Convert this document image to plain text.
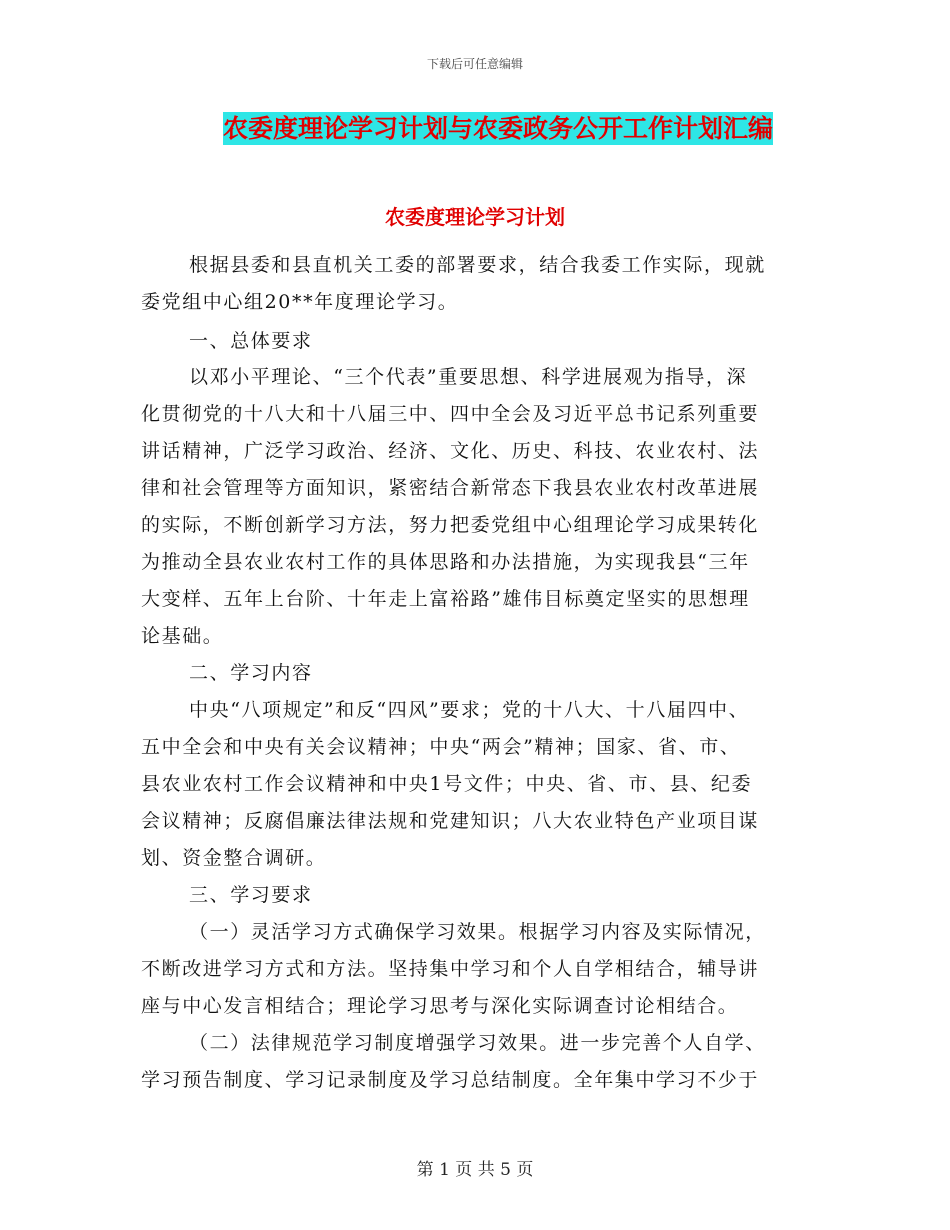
下载后可任意编辑
农委度理论学习计划与农委政务公开工作计划汇编
农委度理论学习计划
根据县委和县直机关工委的部署要求，结合我委工作实际，现就
委党组中心组20**年度理论学习。
一、总体要求
以邓小平理论、“三个代表”重要思想、科学进展观为指导，深
化贯彻党的十八大和十八届三中、四中全会及习近平总书记系列重要
讲话精神，广泛学习政治、经济、文化、历史、科技、农业农村、法
律和社会管理等方面知识，紧密结合新常态下我县农业农村改革进展
的实际，不断创新学习方法，努力把委党组中心组理论学习成果转化
为推动全县农业农村工作的具体思路和办法措施，为实现我县“三年
大变样、五年上台阶、十年走上富裕路”雄伟目标奠定坚实的思想理
论基础。
二、学习内容
中央“八项规定”和反“四风”要求；党的十八大、十八届四中、
五中全会和中央有关会议精神；中央“两会”精神；国家、省、市、
县农业农村工作会议精神和中央1号文件；中央、省、市、县、纪委
会议精神；反腐倡廉法律法规和党建知识；八大农业特色产业项目谋
划、资金整合调研。
三、学习要求
（一）灵活学习方式确保学习效果。根据学习内容及实际情况，
不断改进学习方式和方法。坚持集中学习和个人自学相结合，辅导讲
座与中心发言相结合；理论学习思考与深化实际调查讨论相结合。
（二）法律规范学习制度增强学习效果。进一步完善个人自学、
学习预告制度、学习记录制度及学习总结制度。全年集中学习不少于
第 1 页 共 5 页
